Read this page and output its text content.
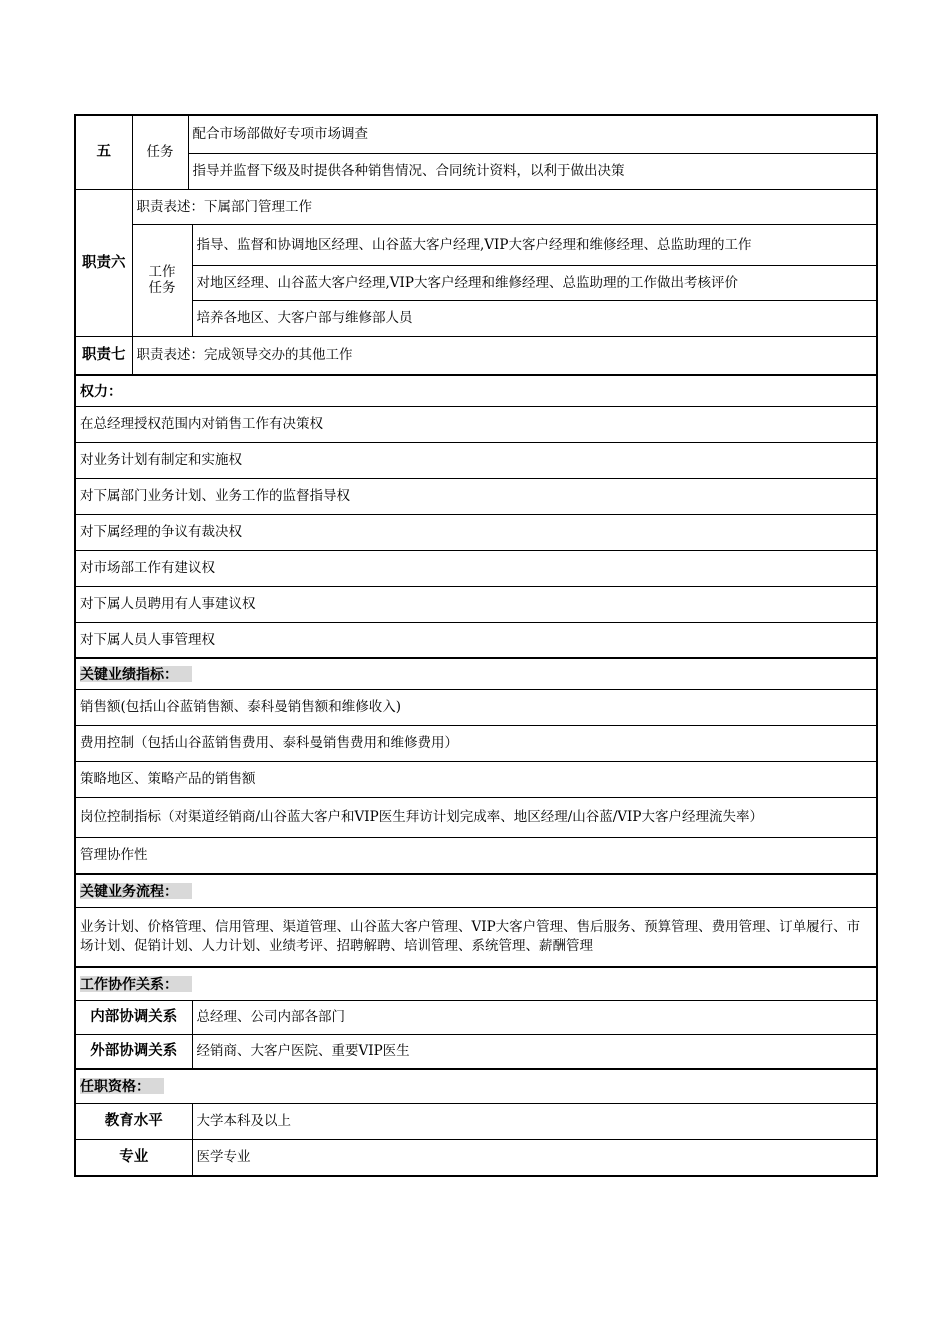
五	任务	配合市场部做好专项市场调查	
		指导并监督下级及时提供各种销售情况、合同统计资料，以利于做出决策	
职责六	职责表述：下属部门管理工作		
	工作任务		指导、监督和协调地区经理、山谷蓝大客户经理,VIP大客户经理和维修经理、总监助理的工作
			对地区经理、山谷蓝大客户经理,VIP大客户经理和维修经理、总监助理的工作做出考核评价
			培养各地区、大客户部与维修部人员
职责七	职责表述：完成领导交办的其他工作		
权力：			
在总经理授权范围内对销售工作有决策权			
对业务计划有制定和实施权			
对下属部门业务计划、业务工作的监督指导权			
对下属经理的争议有裁决权			
对市场部工作有建议权			
对下属人员聘用有人事建议权			
对下属人员人事管理权			
关键业绩指标：			
销售额(包括山谷蓝销售额、泰科曼销售额和维修收入)			
费用控制（包括山谷蓝销售费用、泰科曼销售费用和维修费用）			
策略地区、策略产品的销售额			
岗位控制指标（对渠道经销商/山谷蓝大客户和VIP医生拜访计划完成率、地区经理/山谷蓝/VIP大客户经理流失率）			
管理协作性			
关键业务流程：			
业务计划、价格管理、信用管理、渠道管理、山谷蓝大客户管理、VIP大客户管理、售后服务、预算管理、费用管理、订单履行、市场计划、促销计划、人力计划、业绩考评、招聘解聘、培训管理、系统管理、薪酬管理			
工作协作关系：			
内部协调关系			总经理、公司内部各部门
外部协调关系			经销商、大客户医院、重要VIP医生
任职资格：			
教育水平			大学本科及以上
专业			医学专业
